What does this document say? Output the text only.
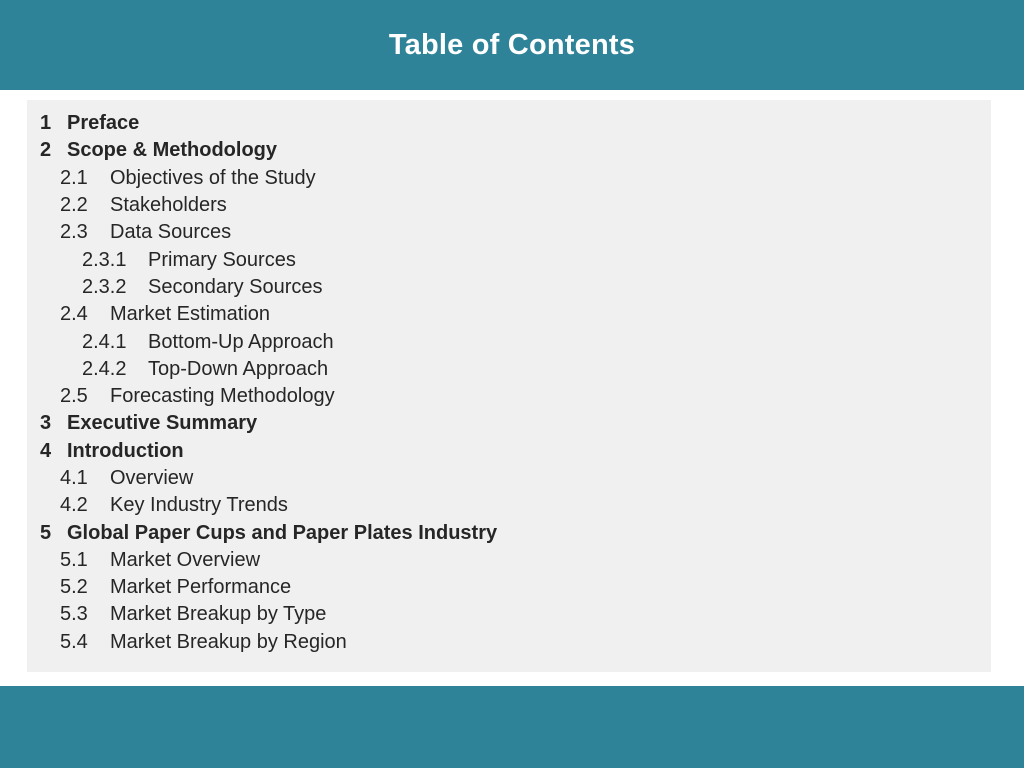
Table of Contents
1 Preface
2 Scope & Methodology
2.1	Objectives of the Study
2.2	Stakeholders
2.3	Data Sources
2.3.1	Primary Sources
2.3.2	Secondary Sources
2.4	Market Estimation
2.4.1	Bottom-Up Approach
2.4.2	Top-Down Approach
2.5	Forecasting Methodology
3 Executive Summary
4 Introduction
4.1	Overview
4.2	Key Industry Trends
5 Global Paper Cups and Paper Plates Industry
5.1	Market Overview
5.2	Market Performance
5.3	Market Breakup by Type
5.4	Market Breakup by Region
